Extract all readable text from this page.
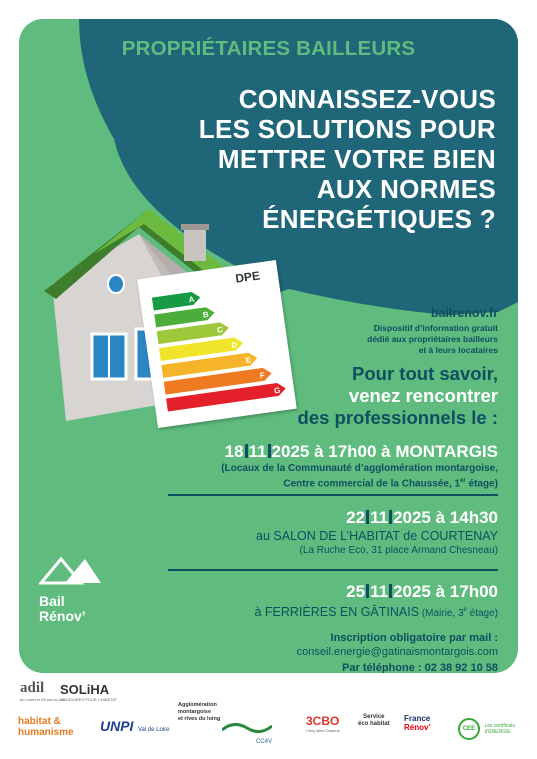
PROPRIÉTAIRES BAILLEURS
CONNAISSEZ-VOUS
LES SOLUTIONS POUR
METTRE VOTRE BIEN
AUX NORMES
ÉNERGÉTIQUES ?
DPE
A
B
C
D
E
F
G
bailrenov.fr
Dispositif d’information gratuit
dédié aux propriétaires bailleurs
et à leurs locataires
Pour tout savoir,
venez rencontrer
des professionnels le :
18 11 2025 à 17h00 à MONTARGIS
(Locaux de la Communauté d’agglomération montargoise,
Centre commercial de la Chaussée, 1er étage)
22 11 2025 à 14h30
au SALON DE L’HABITAT de COURTENAY
(La Ruche Eco, 31 place Armand Chesneau)
25 11 2025 à 17h00
à FERRIÈRES EN GÂTINAIS (Mairie, 3e étage)
Inscription obligatoire par mail :
conseil.energie@gatinaismontargois.com
Par téléphone : 02 38 92 10 58
Bail
Rénov’
adil
du Loiret et d'Eure-et-Loir
SOLiHA
SOLIDAIRES POUR L'HABITAT
habitat &
humanisme UNPI Val de Loire
Agglomération
montargoise
et rives du loing
CC4V
3CBO
Cléry Betz Ouanne
Service
éco habitat
France
Rénov’	CEE Les certificats
d'ÉNERGIE
